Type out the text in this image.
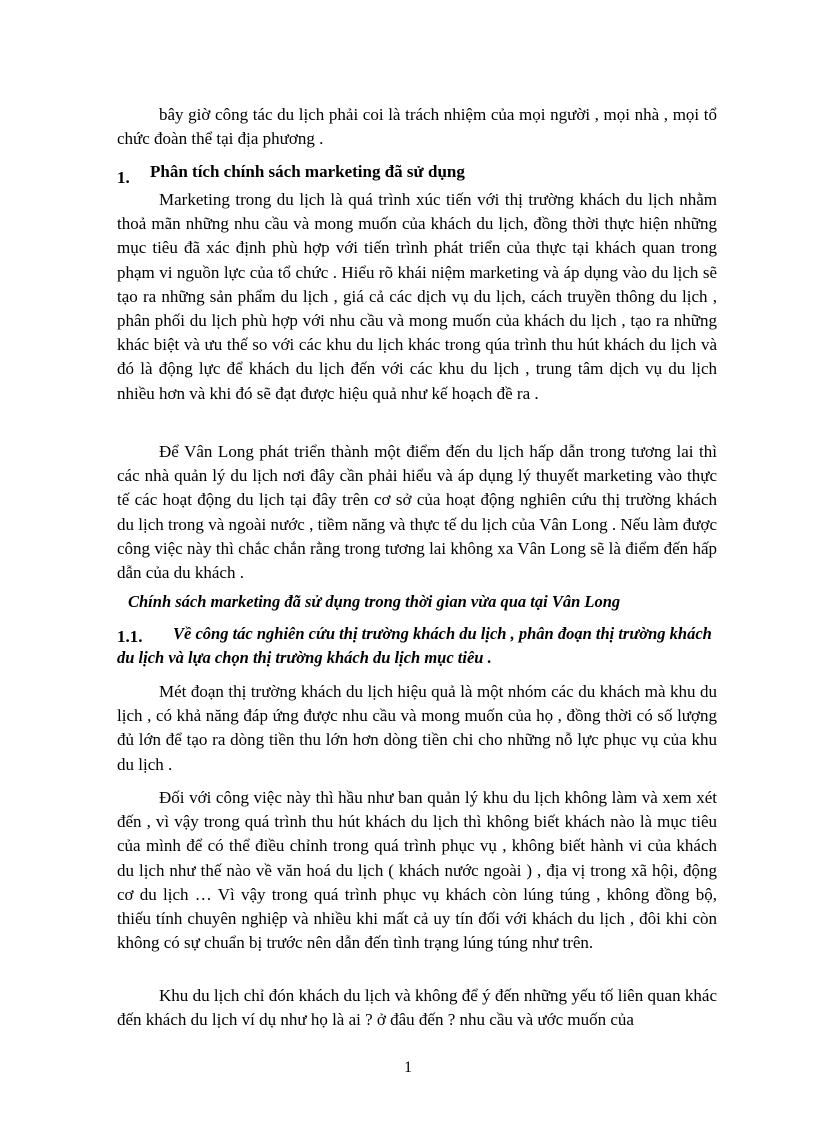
bây giờ công tác du lịch phải coi là trách nhiệm của mọi người , mọi nhà , mọi tổ chức đoàn thể tại địa phương .

1. Phân tích chính sách marketing đã sử dụng

Marketing trong du lịch là quá trình xúc tiến với thị trường khách du lịch nhằm thoả mãn những nhu cầu và mong muốn của khách du lịch, đồng thời thực hiện những mục tiêu đã xác định phù hợp với tiến trình phát triển của thực tại khách quan trong phạm vi nguồn lực của tổ chức . Hiểu rõ khái niệm marketing và áp dụng vào du lịch sẽ tạo ra những sản phẩm du lịch , giá cả các dịch vụ du lịch, cách truyền thông du lịch , phân phối du lịch phù hợp với nhu cầu và mong muốn của khách du lịch , tạo ra những khác biệt và ưu thế so với các khu du lịch khác trong qúa trình thu hút khách du lịch và đó là động lực để khách du lịch đến với các khu du lịch , trung tâm dịch vụ du lịch nhiều hơn và khi đó sẽ đạt được hiệu quả như kế hoạch đề ra .

Để Vân Long phát triển thành một điểm đến du lịch hấp dẫn trong tương lai thì các nhà quản lý du lịch nơi đây cần phải hiểu và áp dụng lý thuyết marketing vào thực tế các hoạt động du lịch tại đây trên cơ sở của hoạt động nghiên cứu thị trường khách du lịch trong và ngoài nước , tiềm năng và thực tế du lịch của Vân Long . Nếu làm được công việc này thì chắc chắn rằng trong tương lai không xa Vân Long sẽ là điểm đến hấp dẫn của du khách .

Chính sách marketing đã sử dụng trong thời gian vừa qua tại Vân Long
1.1. Về công tác nghiên cứu thị trường khách du lịch , phân đoạn thị trường khách du lịch và lựa chọn thị trường khách du lịch mục tiêu .

Mét đoạn thị trường khách du lịch hiệu quả là một nhóm các du khách mà khu du lịch , có khả năng đáp ứng được nhu cầu và mong muốn của họ , đồng thời có số lượng đủ lớn để tạo ra dòng tiền thu lớn hơn dòng tiền chi cho những nỗ lực phục vụ của khu du lịch .

Đối với công việc này thì hầu như ban quản lý khu du lịch không làm và xem xét đến , vì vậy trong quá trình thu hút khách du lịch thì không biết khách nào là mục tiêu của mình để có thể điều chỉnh trong quá trình phục vụ , không biết hành vi của khách du lịch như thế nào về văn hoá du lịch ( khách nước ngoài ) , địa vị trong xã hội, động cơ du lịch … Vì vậy trong quá trình phục vụ khách còn lúng túng , không đồng bộ, thiếu tính chuyên nghiệp và nhiều khi mất cả uy tín đối với khách du lịch , đôi khi còn không có sự chuẩn bị trước nên dẫn đến tình trạng lúng túng như trên.

Khu du lịch chỉ đón khách du lịch và không để ý đến những yếu tố liên quan khác đến khách du lịch ví dụ như họ là ai ? ở đâu đến ? nhu cầu và ước muốn của

1
